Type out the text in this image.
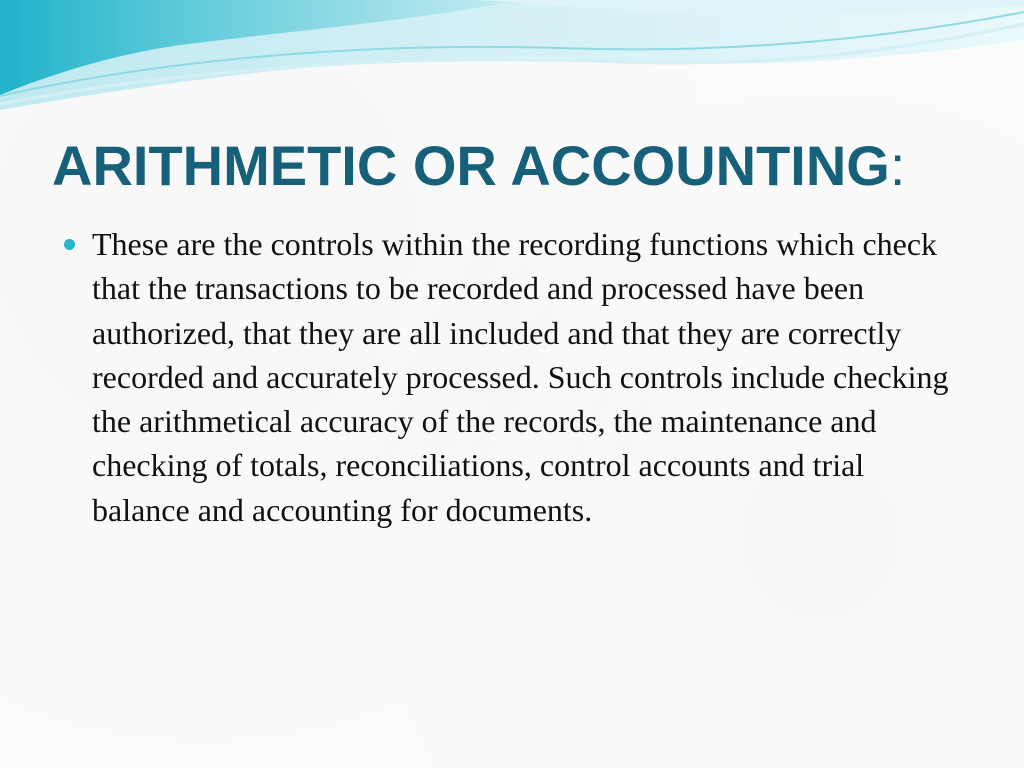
ARITHMETIC OR ACCOUNTING:

These are the controls within the recording functions which check that the transactions to be recorded and processed have been authorized, that they are all included and that they are correctly recorded and accurately processed. Such controls include checking the arithmetical accuracy of the records, the maintenance and checking of totals, reconciliations, control accounts and trial balance and accounting for documents.
